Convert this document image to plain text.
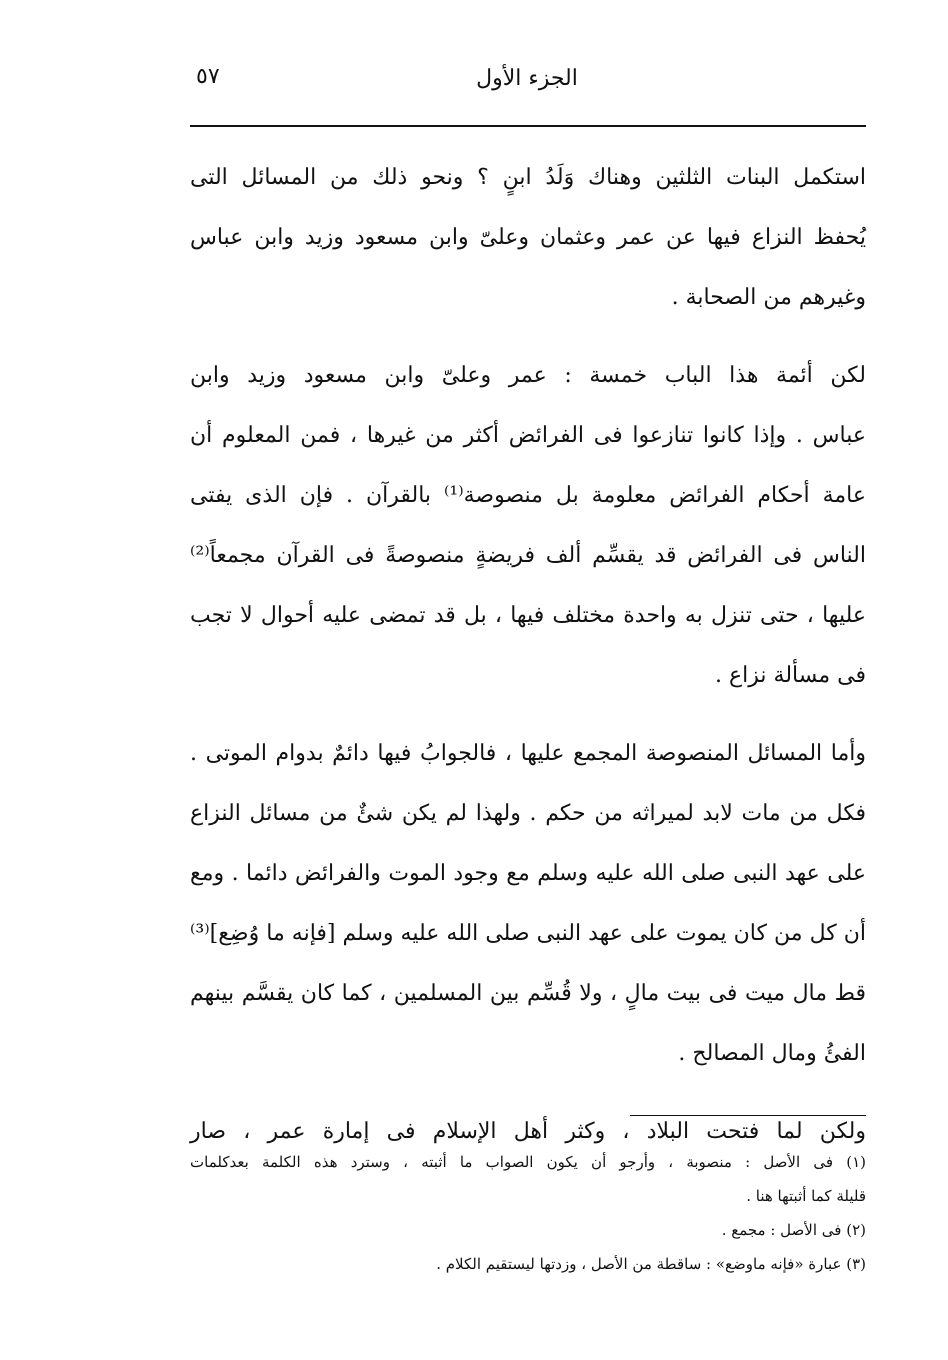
الجزء الأول
٥٧

استكمل البنات الثلثين وهناك وَلَدُ ابنٍ ؟ ونحو ذلك من المسائل التى
يُحفظ النزاع فيها عن عمر وعثمان وعلىّ وابن مسعود وزيد وابن عباس
وغيرهم من الصحابة .

لكن أئمة هذا الباب خمسة : عمر وعلىّ وابن مسعود وزيد وابن
عباس . وإذا كانوا تنازعوا فى الفرائض أكثر من غيرها ، فمن المعلوم أن
عامة أحكام الفرائض معلومة بل منصوصة⁽¹⁾ بالقرآن . فإن الذى يفتى
الناس فى الفرائض قد يقسِّم ألف فريضةٍ منصوصةً فى القرآن مجمعاً⁽²⁾
عليها ، حتى تنزل به واحدة مختلف فيها ، بل قد تمضى عليه أحوال لا تجب
فى مسألة نزاع .

وأما المسائل المنصوصة المجمع عليها ، فالجوابُ فيها دائمٌ بدوام الموتى .
فكل من مات لابد لميراثه من حكم . ولهذا لم يكن شئٌ من مسائل النزاع
على عهد النبى صلى الله عليه وسلم مع وجود الموت والفرائض دائما . ومع
أن كل من كان يموت على عهد النبى صلى الله عليه وسلم [فإنه ما وُضِع]⁽³⁾
قط مال ميت فى بيت مالٍ ، ولا قُسِّم بين المسلمين ، كما كان يقسَّم بينهم
الفئُ ومال المصالح .

ولكن لما فتحت البلاد ، وكثر أهل الإسلام فى إمارة عمر ، صار

(١) فى الأصل : منصوبة ، وأرجو أن يكون الصواب ما أثبته ، وسترد هذه الكلمة بعدكلمات
قليلة كما أثبتها هنا .
(٢) فى الأصل : مجمع .
(٣) عبارة «فإنه ماوضع» : ساقطة من الأصل ، وزدتها ليستقيم الكلام .
